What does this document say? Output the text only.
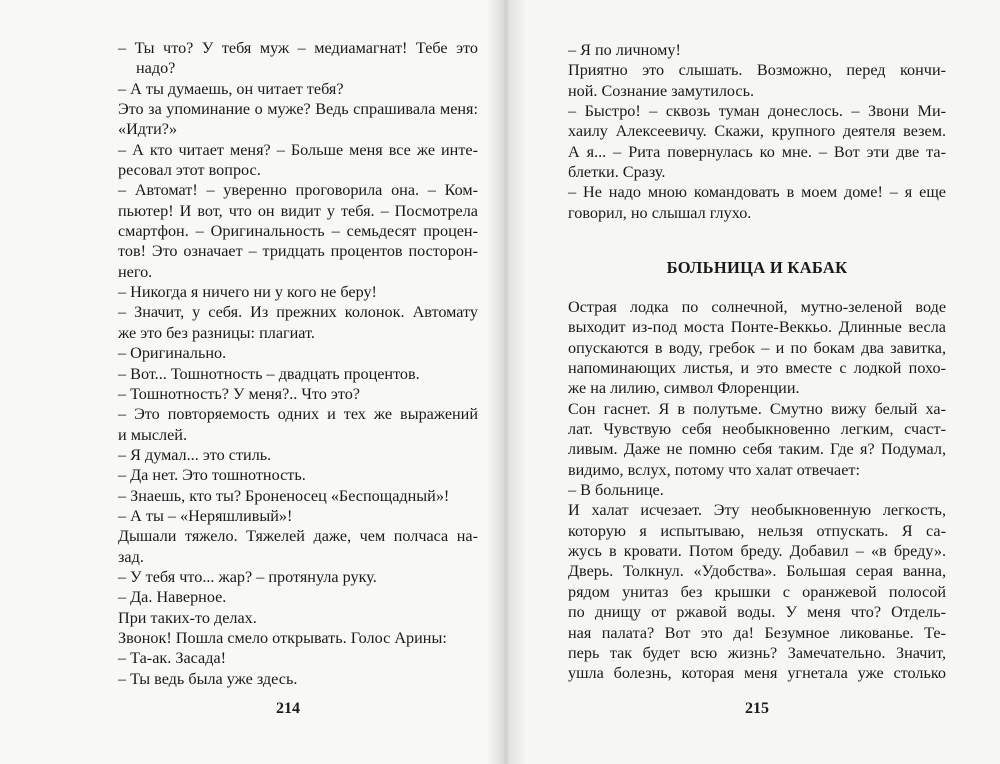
– Ты что? У тебя муж – медиамагнат! Тебе это
надо?
– А ты думаешь, он читает тебя?
Это за упоминание о муже? Ведь спрашивала меня:
«Идти?»
– А кто читает меня? – Больше меня все же инте-
ресовал этот вопрос.
– Автомат! – уверенно проговорила она. – Ком-
пьютер! И вот, что он видит у тебя. – Посмотрела
смартфон. – Оригинальность – семьдесят процен-
тов! Это означает – тридцать процентов посторон-
него.
– Никогда я ничего ни у кого не беру!
– Значит, у себя. Из прежних колонок. Автомату
же это без разницы: плагиат.
– Оригинально.
– Вот... Тошнотность – двадцать процентов.
– Тошнотность? У меня?.. Что это?
– Это повторяемость одних и тех же выражений
и мыслей.
– Я думал... это стиль.
– Да нет. Это тошнотность.
– Знаешь, кто ты? Броненосец «Беспощадный»!
– А ты – «Неряшливый»!
Дышали тяжело. Тяжелей даже, чем полчаса на-
зад.
– У тебя что... жар? – протянула руку.
– Да. Наверное.
При таких-то делах.
Звонок! Пошла смело открывать. Голос Арины:
– Та-ак. Засада!
– Ты ведь была уже здесь.
214
– Я по личному!
Приятно это слышать. Возможно, перед кончи-
ной. Сознание замутилось.
– Быстро! – сквозь туман донеслось. – Звони Ми-
хаилу Алексеевичу. Скажи, крупного деятеля везем.
А я... – Рита повернулась ко мне. – Вот эти две та-
блетки. Сразу.
– Не надо мною командовать в моем доме! – я еще
говорил, но слышал глухо.
БОЛЬНИЦА И КАБАК
Острая лодка по солнечной, мутно-зеленой воде
выходит из-под моста Понте-Веккьо. Длинные весла
опускаются в воду, гребок – и по бокам два завитка,
напоминающих листья, и это вместе с лодкой похо-
же на лилию, символ Флоренции.
Сон гаснет. Я в полутьме. Смутно вижу белый ха-
лат. Чувствую себя необыкновенно легким, счаст-
ливым. Даже не помню себя таким. Где я? Подумал,
видимо, вслух, потому что халат отвечает:
– В больнице.
И халат исчезает. Эту необыкновенную легкость,
которую я испытываю, нельзя отпускать. Я са-
жусь в кровати. Потом бреду. Добавил – «в бреду».
Дверь. Толкнул. «Удобства». Большая серая ванна,
рядом унитаз без крышки с оранжевой полосой
по днищу от ржавой воды. У меня что? Отдель-
ная палата? Вот это да! Безумное ликованье. Те-
перь так будет всю жизнь? Замечательно. Значит,
ушла болезнь, которая меня угнетала уже столько
215
